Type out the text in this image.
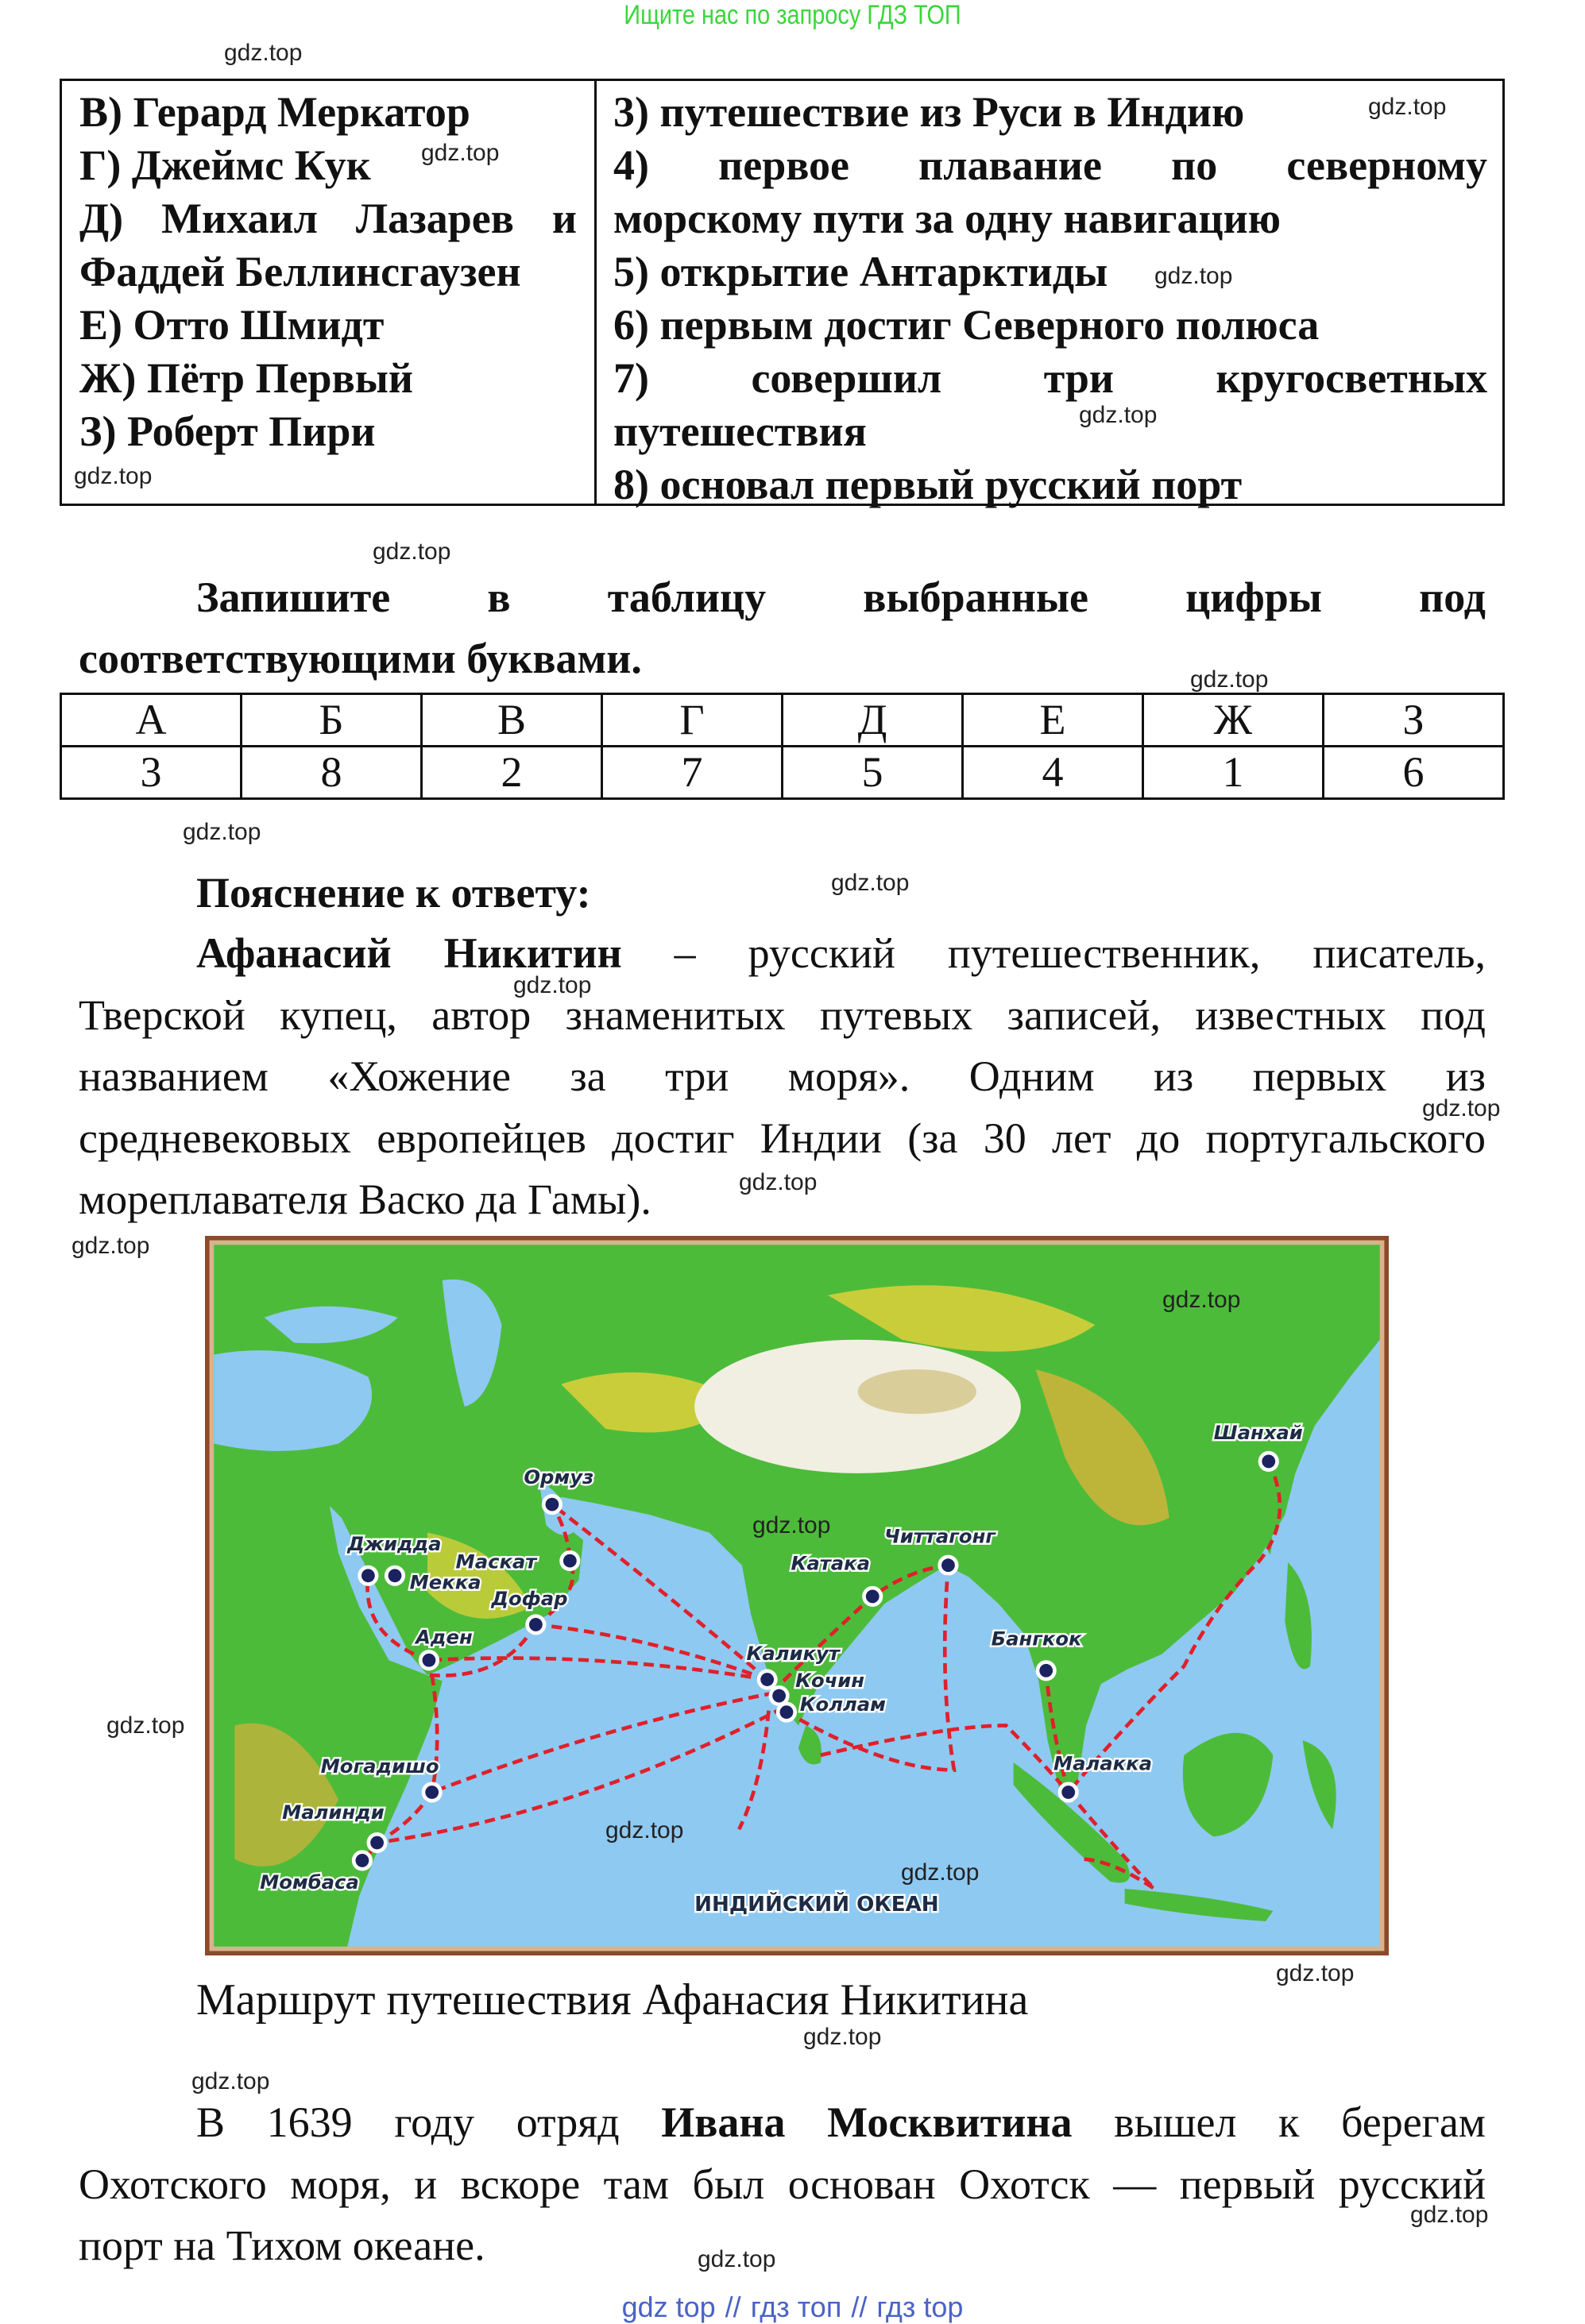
Ищите нас по запросу ГДЗ ТОП
В) Герард Меркатор
Г) Джеймс Кук
Д) Михаил Лазарев и
Фаддей Беллинсгаузен
Е) Отто Шмидт
Ж) Пётр Первый
З) Роберт Пири
3) путешествие из Руси в Индию
4) первое плавание по северному
морскому пути за одну навигацию
5) открытие Антарктиды
6) первым достиг Северного полюса
7) совершил три кругосветных
путешествия
8) основал первый русский порт
Запишите в таблицу выбранные цифры под
соответствующими буквами.
А	Б	В	Г	Д	Е	Ж	З
3	8	2	7	5	4	1	6
Пояснение к ответу:
Афанасий Никитин – русский путешественник, писатель,
Тверской купец, автор знаменитых путевых записей, известных под
названием «Хожение за три моря». Одним из первых из
средневековых европейцев достиг Индии (за 30 лет до португальского
мореплавателя Васко да Гамы).
Ормуз
Джидда
Мекка
Маскат
Дофар
Аден
Каликут
Кочин
Коллам
Катака
Читтагонг
Шанхай
Бангкок
Малакка
Могадишо
Малинди
Момбаса
ИНДИЙСКИЙ ОКЕАН
Маршрут путешествия Афанасия Никитина
В 1639 году отряд Ивана Москвитина вышел к берегам
Охотского моря, и вскоре там был основан Охотск — первый русский
порт на Тихом океане.
gdz top // гдз топ // гдз top
gdz.top
gdz.top
gdz.top
gdz.top
gdz.top
gdz.top
gdz.top
gdz.top
gdz.top
gdz.top
gdz.top
gdz.top
gdz.top
gdz.top
gdz.top
gdz.top
gdz.top
gdz.top
gdz.top
gdz.top
gdz.top
gdz.top
gdz.top
gdz.top
